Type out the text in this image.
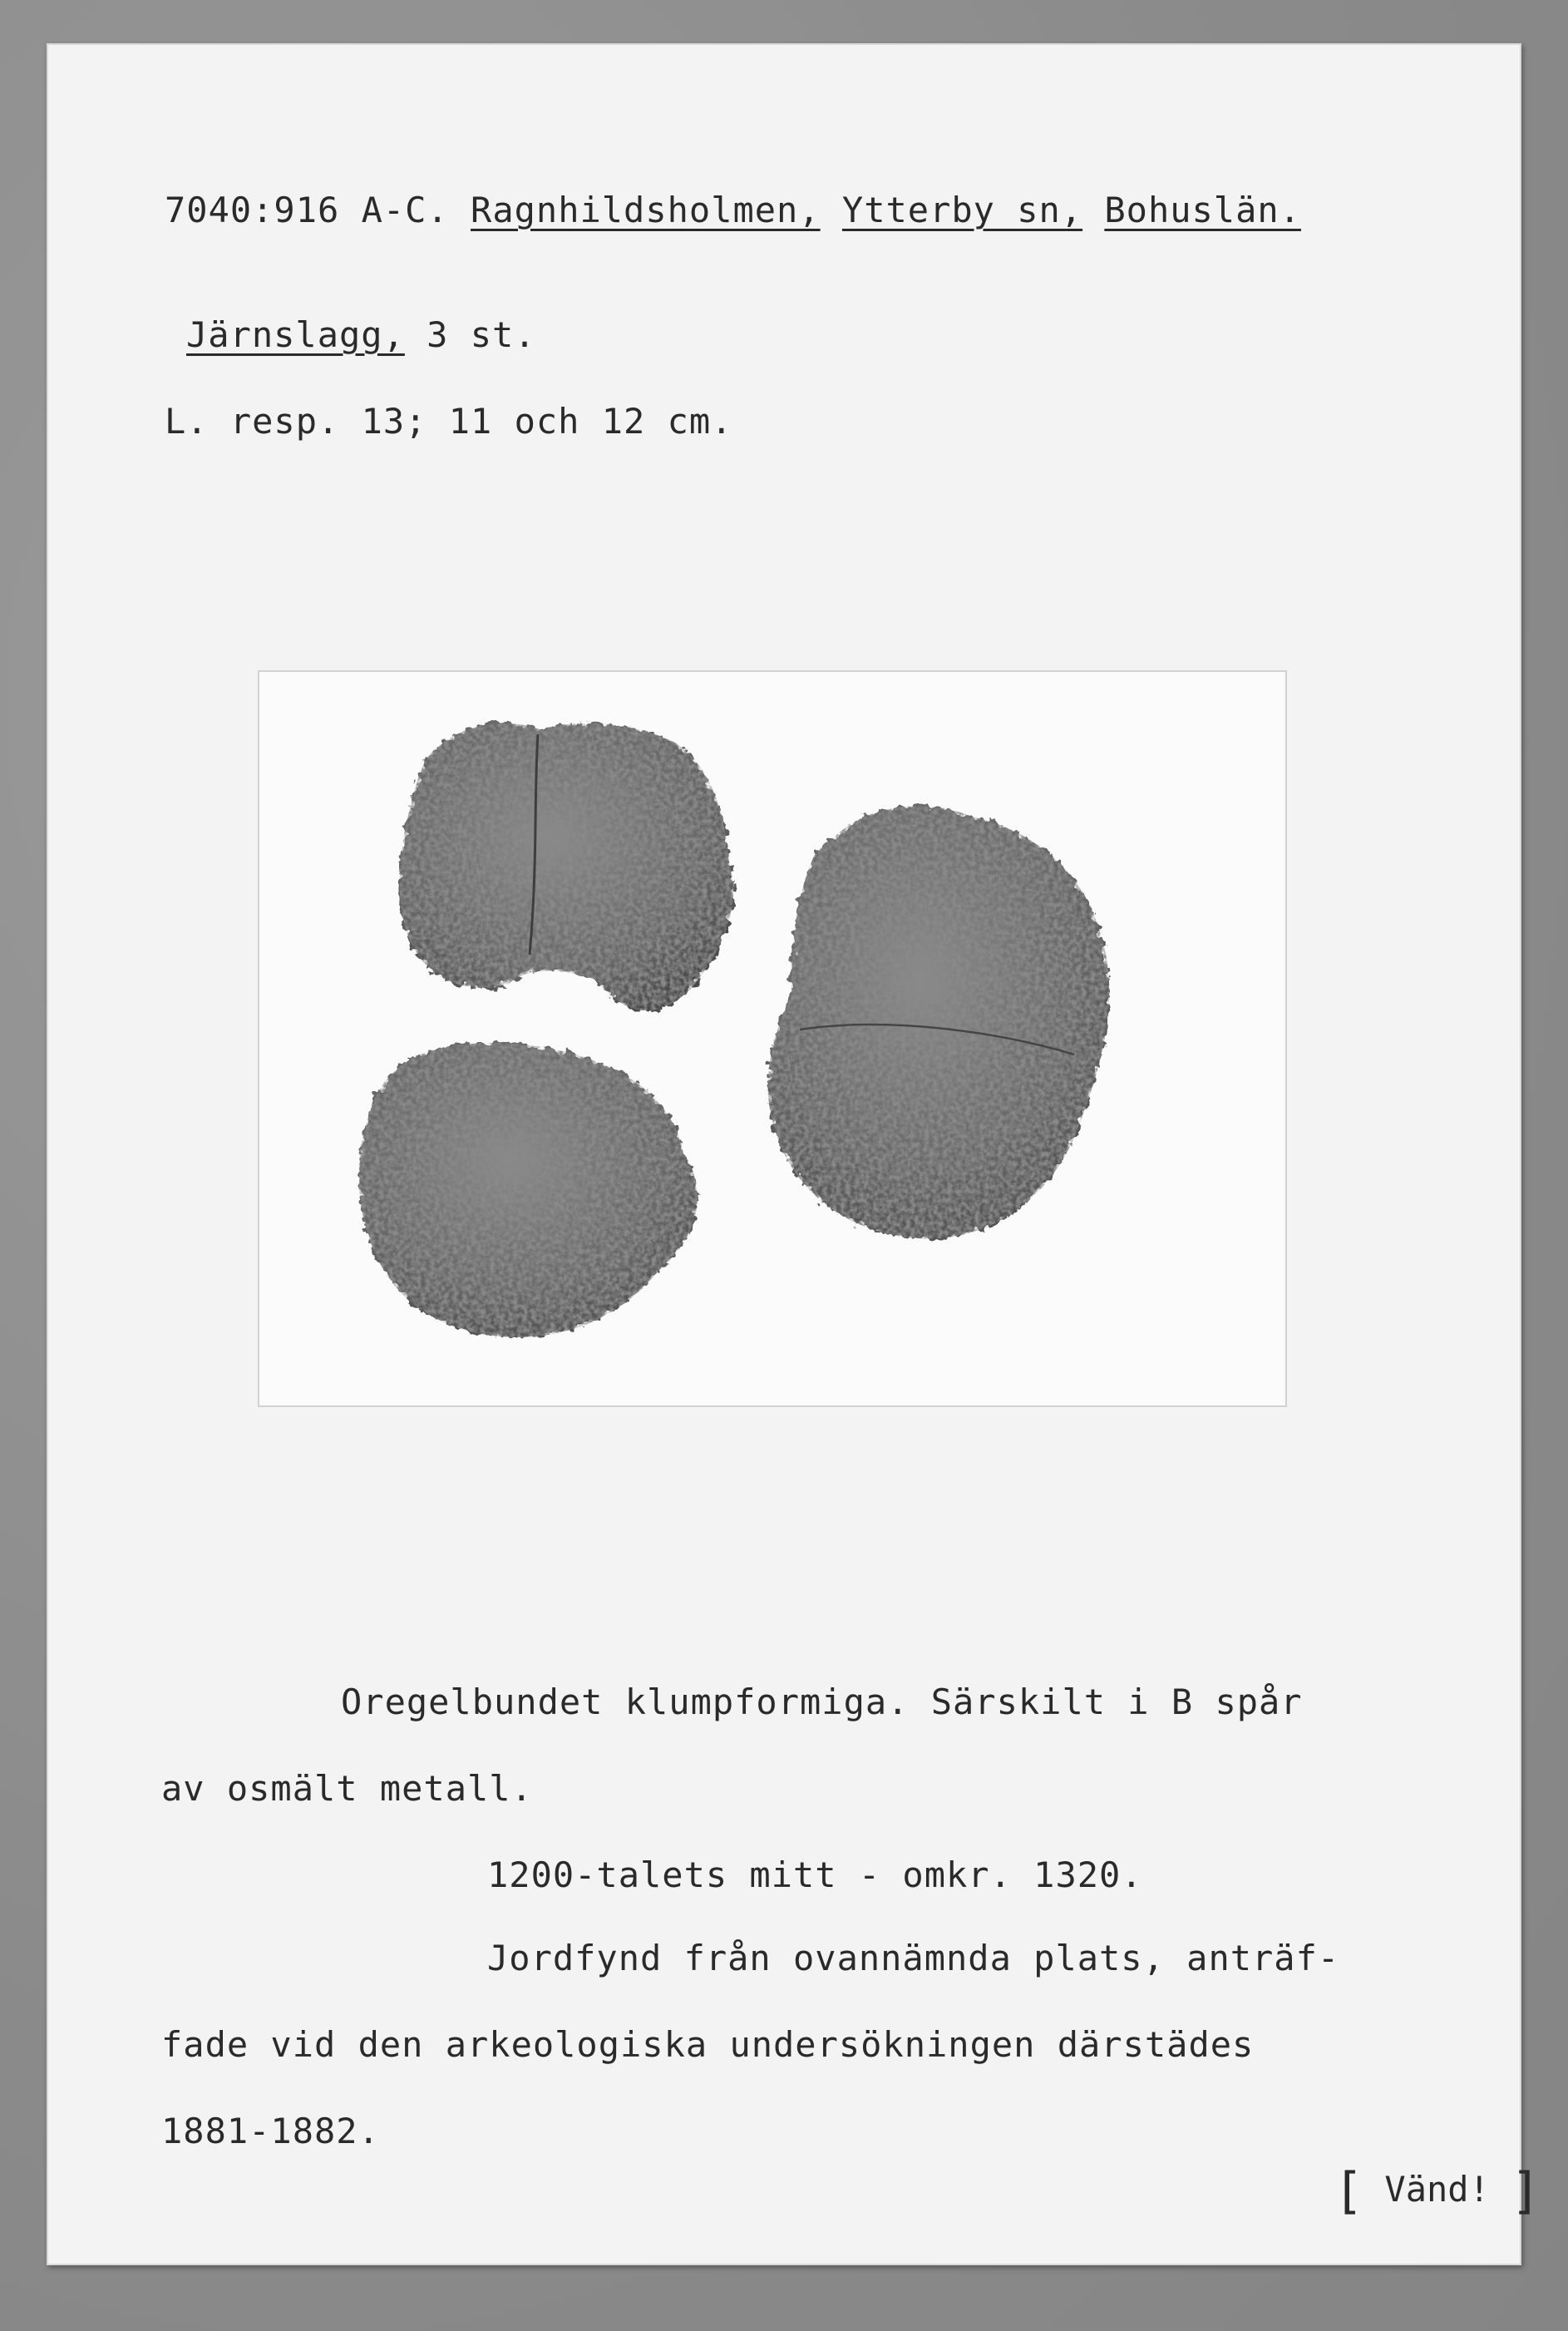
7040:916 A-C. Ragnhildsholmen, Ytterby sn, Bohuslän.
Järnslagg, 3 st.
L. resp. 13; 11 och 12 cm.
Oregelbundet klumpformiga. Särskilt i B spår
av osmält metall.
1200-talets mitt - omkr. 1320.
Jordfynd från ovannämnda plats, anträf-
fade vid den arkeologiska undersökningen därstädes
1881-1882.
[ Vänd! ]
